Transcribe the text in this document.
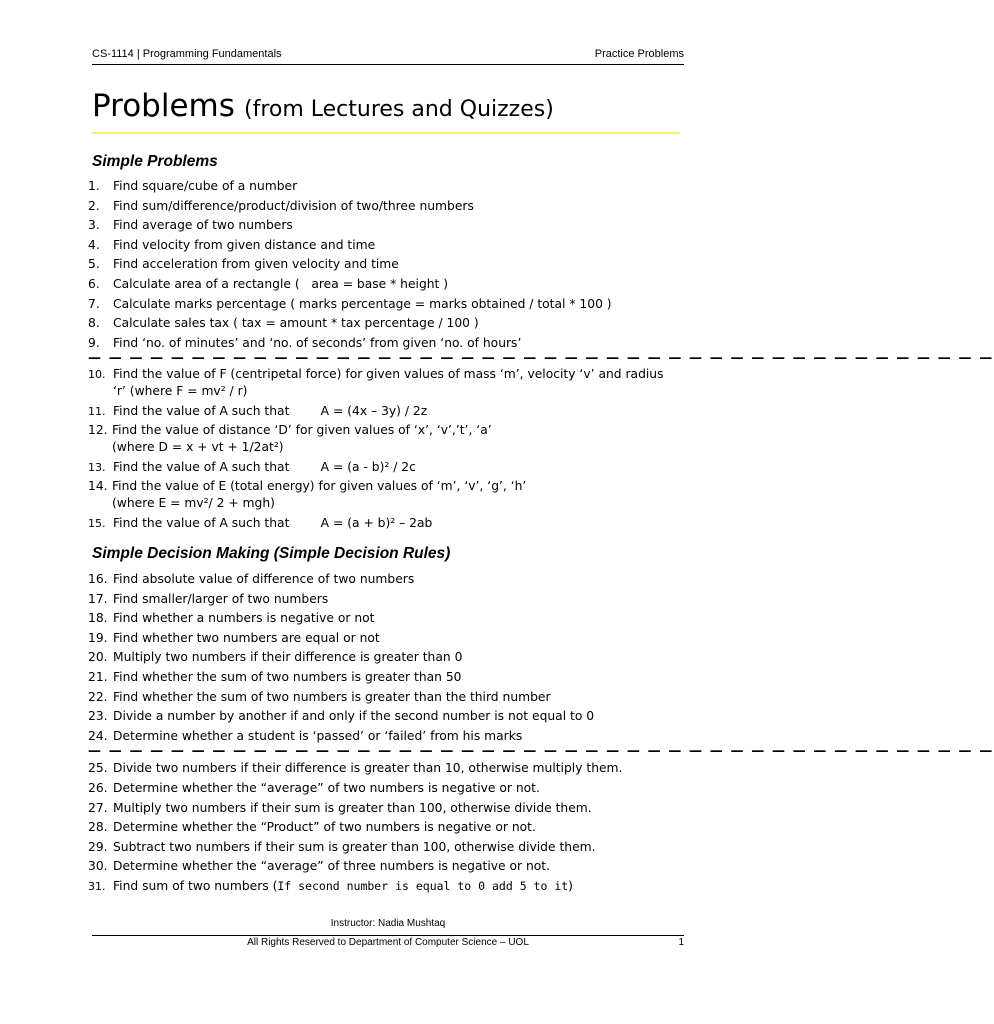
CS-1114 | Programming Fundamentals	Practice Problems
Problems (from Lectures and Quizzes)
Simple Problems
1.	Find square/cube of a number
2.	Find sum/difference/product/division of two/three numbers
3.	Find average of two numbers
4.	Find velocity from given distance and time
5.	Find acceleration from given velocity and time
6.	Calculate area of a rectangle (   area = base * height )
7.	Calculate marks percentage ( marks percentage = marks obtained / total * 100 )
8.	Calculate sales tax ( tax = amount * tax percentage / 100 )
9.	Find ‘no. of minutes’ and ‘no. of seconds’ from given ‘no. of hours’
— — — — — — — — — — — — — — — — — — — — — — — — — — — — — — — — — — — — — — — — — — — —
10. Find the value of F (centripetal force) for given values of mass ‘m’, velocity ‘v’ and radius
‘r’ (where F = mv² / r)
11. Find the value of A such that        A = (4x – 3y) / 2z
12. Find the value of distance ‘D’ for given values of ‘x’, ‘v’,’t’, ‘a’
(where D = x + vt + 1/2at²)
13. Find the value of A such that        A = (a - b)² / 2c
14. Find the value of E (total energy) for given values of ‘m’, ‘v’, ‘g’, ‘h’
(where E = mv²/ 2 + mgh)
15. Find the value of A such that        A = (a + b)² – 2ab
Simple Decision Making (Simple Decision Rules)
16. Find absolute value of difference of two numbers
17. Find smaller/larger of two numbers
18. Find whether a numbers is negative or not
19. Find whether two numbers are equal or not
20. Multiply two numbers if their difference is greater than 0
21. Find whether the sum of two numbers is greater than 50
22. Find whether the sum of two numbers is greater than the third number
23. Divide a number by another if and only if the second number is not equal to 0
24. Determine whether a student is ‘passed’ or ‘failed’ from his marks
— — — — — — — — — — — — — — — — — — — — — — — — — — — — — — — — — — — — — — — — — — — —
25. Divide two numbers if their difference is greater than 10, otherwise multiply them.
26. Determine whether the “average” of two numbers is negative or not.
27. Multiply two numbers if their sum is greater than 100, otherwise divide them.
28. Determine whether the “Product” of two numbers is negative or not.
29. Subtract two numbers if their sum is greater than 100, otherwise divide them.
30. Determine whether the “average” of three numbers is negative or not.
31. Find sum of two numbers (If second number is equal to 0 add 5 to it)
Instructor: Nadia Mushtaq
All Rights Reserved to Department of Computer Science – UOL	1
